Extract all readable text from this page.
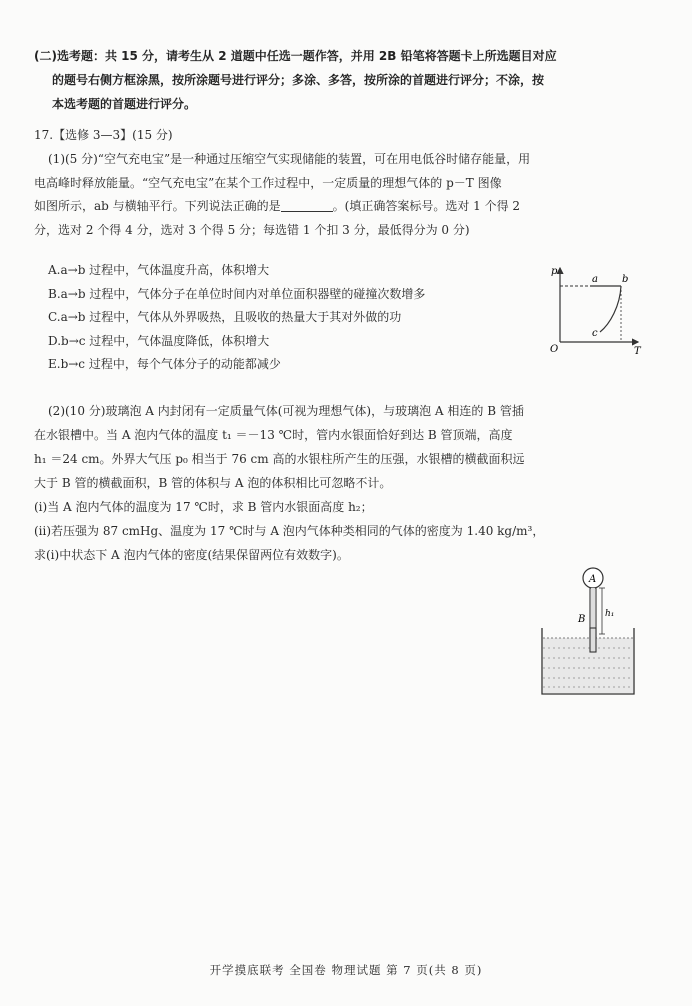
(二)选考题：共 15 分，请考生从 2 道题中任选一题作答，并用 2B 铅笔将答题卡上所选题目对应
的题号右侧方框涂黑，按所涂题号进行评分；多涂、多答，按所涂的首题进行评分；不涂，按
本选考题的首题进行评分。
17.【选修 3—3】(15 分)
(1)(5 分)“空气充电宝”是一种通过压缩空气实现储能的装置，可在用电低谷时储存能量，用
电高峰时释放能量。“空气充电宝”在某个工作过程中，一定质量的理想气体的 p－T 图像
如图所示，ab 与横轴平行。下列说法正确的是	。(填正确答案标号。选对 1 个得 2
分，选对 2 个得 4 分，选对 3 个得 5 分；每选错 1 个扣 3 分，最低得分为 0 分)
A.a→b 过程中，气体温度升高，体积增大
B.a→b 过程中，气体分子在单位时间内对单位面积器壁的碰撞次数增多
C.a→b 过程中，气体从外界吸热，且吸收的热量大于其对外做的功
D.b→c 过程中，气体温度降低，体积增大
E.b→c 过程中，每个气体分子的动能都减少
p
T
O
a b
c
(2)(10 分)玻璃泡 A 内封闭有一定质量气体(可视为理想气体)，与玻璃泡 A 相连的 B 管插
在水银槽中。当 A 泡内气体的温度 t₁ ＝－13 ℃时，管内水银面恰好到达 B 管顶端，高度
h₁ ＝24 cm。外界大气压 p₀ 相当于 76 cm 高的水银柱所产生的压强，水银槽的横截面积远
大于 B 管的横截面积，B 管的体积与 A 泡的体积相比可忽略不计。
(ⅰ)当 A 泡内气体的温度为 17 ℃时，求 B 管内水银面高度 h₂；
(ⅱ)若压强为 87 cmHg、温度为 17 ℃时与 A 泡内气体种类相同的气体的密度为 1.40 kg/m³，
求(ⅰ)中状态下 A 泡内气体的密度(结果保留两位有效数字)。
A
B h₁
开学摸底联考 全国卷 物理试题 第 7 页(共 8 页)
